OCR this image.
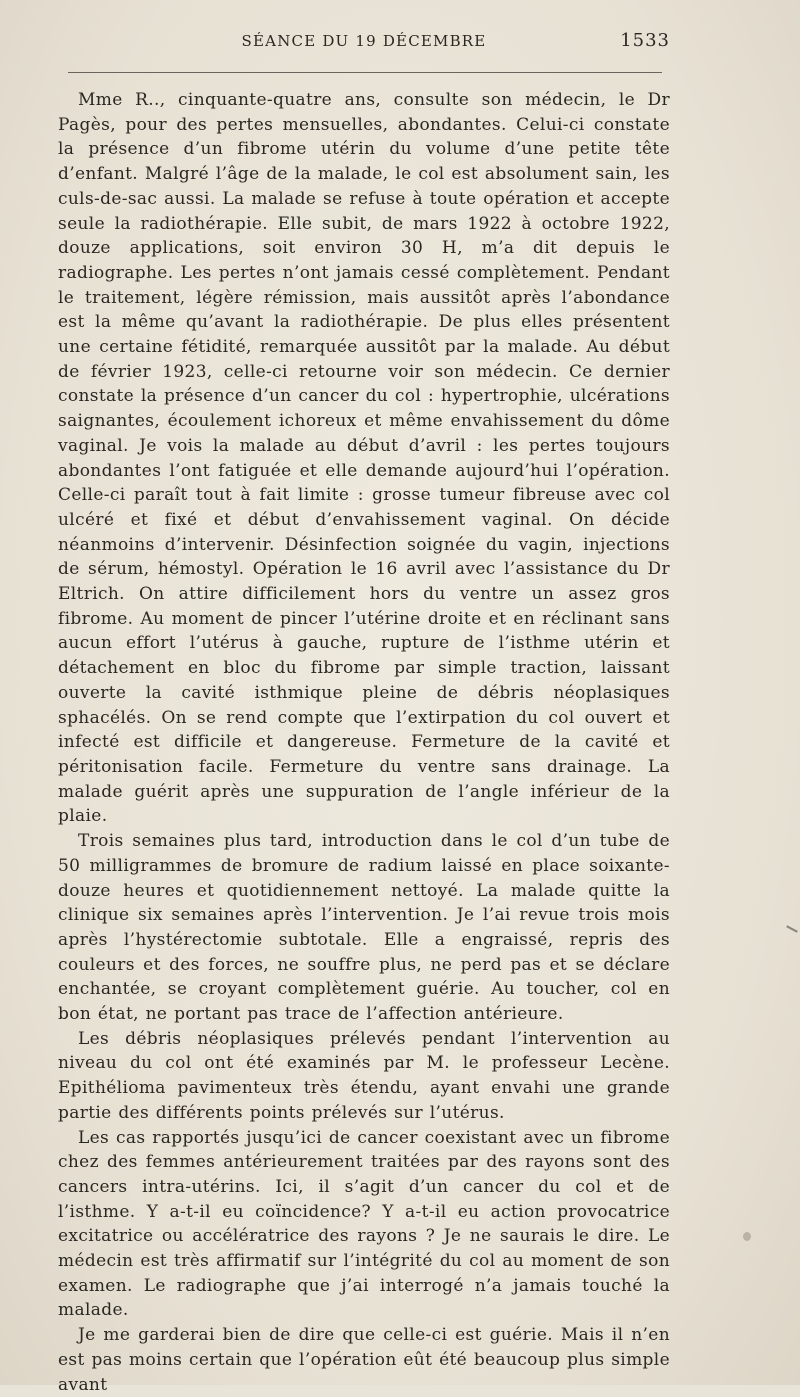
SÉANCE DU 19 DÉCEMBRE	1533

Mme R.., cinquante-quatre ans, consulte son médecin, le Dr Pagès, pour des pertes mensuelles, abondantes. Celui-ci constate la présence d’un fibrome utérin du volume d’une petite tête d’enfant. Malgré l’âge de la malade, le col est absolument sain, les culs-de-sac aussi. La malade se refuse à toute opération et accepte seule la radiothérapie. Elle subit, de mars 1922 à octobre 1922, douze applications, soit environ 30 H, m’a dit depuis le radiographe. Les pertes n’ont jamais cessé complètement. Pendant le traitement, légère rémission, mais aussitôt après l’abondance est la même qu’avant la radiothérapie. De plus elles présentent une certaine fétidité, remarquée aussitôt par la malade. Au début de février 1923, celle-ci retourne voir son médecin. Ce dernier constate la présence d’un cancer du col : hypertrophie, ulcérations saignantes, écoulement ichoreux et même envahissement du dôme vaginal. Je vois la malade au début d’avril : les pertes toujours abondantes l’ont fatiguée et elle demande aujourd’hui l’opération. Celle-ci paraît tout à fait limite : grosse tumeur fibreuse avec col ulcéré et fixé et début d’envahissement vaginal. On décide néanmoins d’intervenir. Désinfection soignée du vagin, injections de sérum, hémostyl. Opération le 16 avril avec l’assistance du Dr Eltrich. On attire difficilement hors du ventre un assez gros fibrome. Au moment de pincer l’utérine droite et en réclinant sans aucun effort l’utérus à gauche, rupture de l’isthme utérin et détachement en bloc du fibrome par simple traction, laissant ouverte la cavité isthmique pleine de débris néoplasiques sphacélés. On se rend compte que l’extirpation du col ouvert et infecté est difficile et dangereuse. Fermeture de la cavité et péritonisation facile. Fermeture du ventre sans drainage. La malade guérit après une suppuration de l’angle inférieur de la plaie.

Trois semaines plus tard, introduction dans le col d’un tube de 50 milligrammes de bromure de radium laissé en place soixante-douze heures et quotidiennement nettoyé. La malade quitte la clinique six semaines après l’intervention. Je l’ai revue trois mois après l’hystérectomie subtotale. Elle a engraissé, repris des couleurs et des forces, ne souffre plus, ne perd pas et se déclare enchantée, se croyant complètement guérie. Au toucher, col en bon état, ne portant pas trace de l’affection antérieure.

Les débris néoplasiques prélevés pendant l’intervention au niveau du col ont été examinés par M. le professeur Lecène. Epithélioma pavimenteux très étendu, ayant envahi une grande partie des différents points prélevés sur l’utérus.

Les cas rapportés jusqu’ici de cancer coexistant avec un fibrome chez des femmes antérieurement traitées par des rayons sont des cancers intra-utérins. Ici, il s’agit d’un cancer du col et de l’isthme. Y a-t-il eu coïncidence? Y a-t-il eu action provocatrice excitatrice ou accélératrice des rayons ? Je ne saurais le dire. Le médecin est très affirmatif sur l’intégrité du col au moment de son examen. Le radiographe que j’ai interrogé n’a jamais touché la malade.

Je me garderai bien de dire que celle-ci est guérie. Mais il n’en est pas moins certain que l’opération eût été beaucoup plus simple avant
